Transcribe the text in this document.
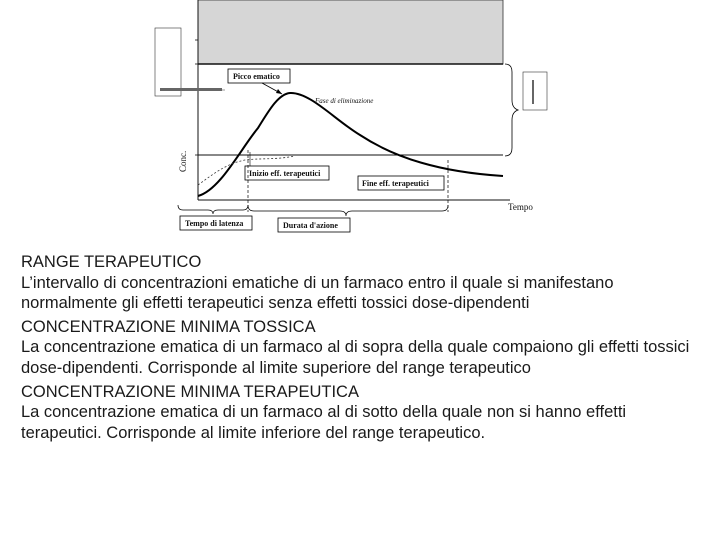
Picco ematico
Fase di eliminazione
Inizio eff. terapeutici
Fine eff. terapeutici
Tempo di latenza	Durata d'azione
Tempo
Conc.
RANGE TERAPEUTICO
L’intervallo di concentrazioni ematiche di un farmaco entro il quale si manifestano normalmente gli effetti terapeutici senza effetti tossici dose-dipendenti
CONCENTRAZIONE MINIMA TOSSICA
La concentrazione ematica di un farmaco al di sopra della quale compaiono gli effetti tossici dose-dipendenti. Corrisponde al limite superiore del range terapeutico
CONCENTRAZIONE MINIMA TERAPEUTICA
La concentrazione ematica di un farmaco al di sotto della quale non si hanno effetti terapeutici. Corrisponde al limite inferiore del range terapeutico.
